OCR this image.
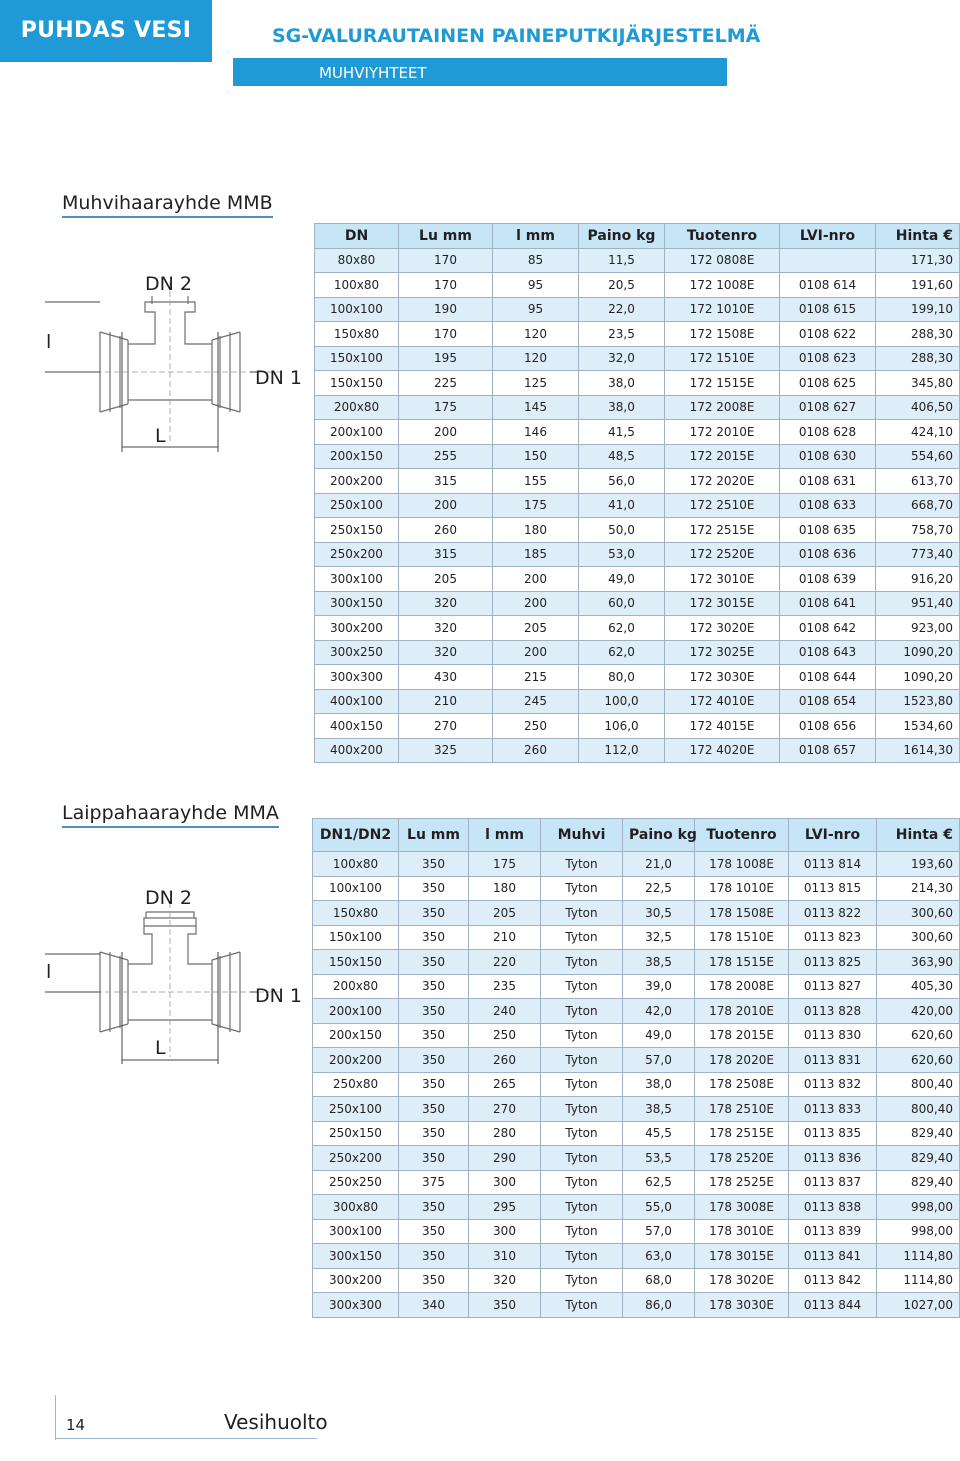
PUHDAS VESI	SG-VALURAUTAINEN PAINEPUTKIJÄRJESTELMÄ
MUHVIYHTEET
Muhvihaarayhde MMB
DN 2
DN 1
l
L
DN	Lu mm	l mm	Paino kg	Tuotenro	LVI-nro	Hinta €
80x80	170	85	11,5	172 0808E		171,30
100x80	170	95	20,5	172 1008E	0108 614	191,60
100x100	190	95	22,0	172 1010E	0108 615	199,10
150x80	170	120	23,5	172 1508E	0108 622	288,30
150x100	195	120	32,0	172 1510E	0108 623	288,30
150x150	225	125	38,0	172 1515E	0108 625	345,80
200x80	175	145	38,0	172 2008E	0108 627	406,50
200x100	200	146	41,5	172 2010E	0108 628	424,10
200x150	255	150	48,5	172 2015E	0108 630	554,60
200x200	315	155	56,0	172 2020E	0108 631	613,70
250x100	200	175	41,0	172 2510E	0108 633	668,70
250x150	260	180	50,0	172 2515E	0108 635	758,70
250x200	315	185	53,0	172 2520E	0108 636	773,40
300x100	205	200	49,0	172 3010E	0108 639	916,20
300x150	320	200	60,0	172 3015E	0108 641	951,40
300x200	320	205	62,0	172 3020E	0108 642	923,00
300x250	320	200	62,0	172 3025E	0108 643	1090,20
300x300	430	215	80,0	172 3030E	0108 644	1090,20
400x100	210	245	100,0	172 4010E	0108 654	1523,80
400x150	270	250	106,0	172 4015E	0108 656	1534,60
400x200	325	260	112,0	172 4020E	0108 657	1614,30
Laippahaarayhde MMA
DN 2
DN 1
l
L
DN1/DN2	Lu mm	l mm	Muhvi	Paino kg	Tuotenro	LVI-nro	Hinta €
100x80	350	175	Tyton	21,0	178 1008E	0113 814	193,60
100x100	350	180	Tyton	22,5	178 1010E	0113 815	214,30
150x80	350	205	Tyton	30,5	178 1508E	0113 822	300,60
150x100	350	210	Tyton	32,5	178 1510E	0113 823	300,60
150x150	350	220	Tyton	38,5	178 1515E	0113 825	363,90
200x80	350	235	Tyton	39,0	178 2008E	0113 827	405,30
200x100	350	240	Tyton	42,0	178 2010E	0113 828	420,00
200x150	350	250	Tyton	49,0	178 2015E	0113 830	620,60
200x200	350	260	Tyton	57,0	178 2020E	0113 831	620,60
250x80	350	265	Tyton	38,0	178 2508E	0113 832	800,40
250x100	350	270	Tyton	38,5	178 2510E	0113 833	800,40
250x150	350	280	Tyton	45,5	178 2515E	0113 835	829,40
250x200	350	290	Tyton	53,5	178 2520E	0113 836	829,40
250x250	375	300	Tyton	62,5	178 2525E	0113 837	829,40
300x80	350	295	Tyton	55,0	178 3008E	0113 838	998,00
300x100	350	300	Tyton	57,0	178 3010E	0113 839	998,00
300x150	350	310	Tyton	63,0	178 3015E	0113 841	1114,80
300x200	350	320	Tyton	68,0	178 3020E	0113 842	1114,80
300x300	340	350	Tyton	86,0	178 3030E	0113 844	1027,00
14	Vesihuolto
